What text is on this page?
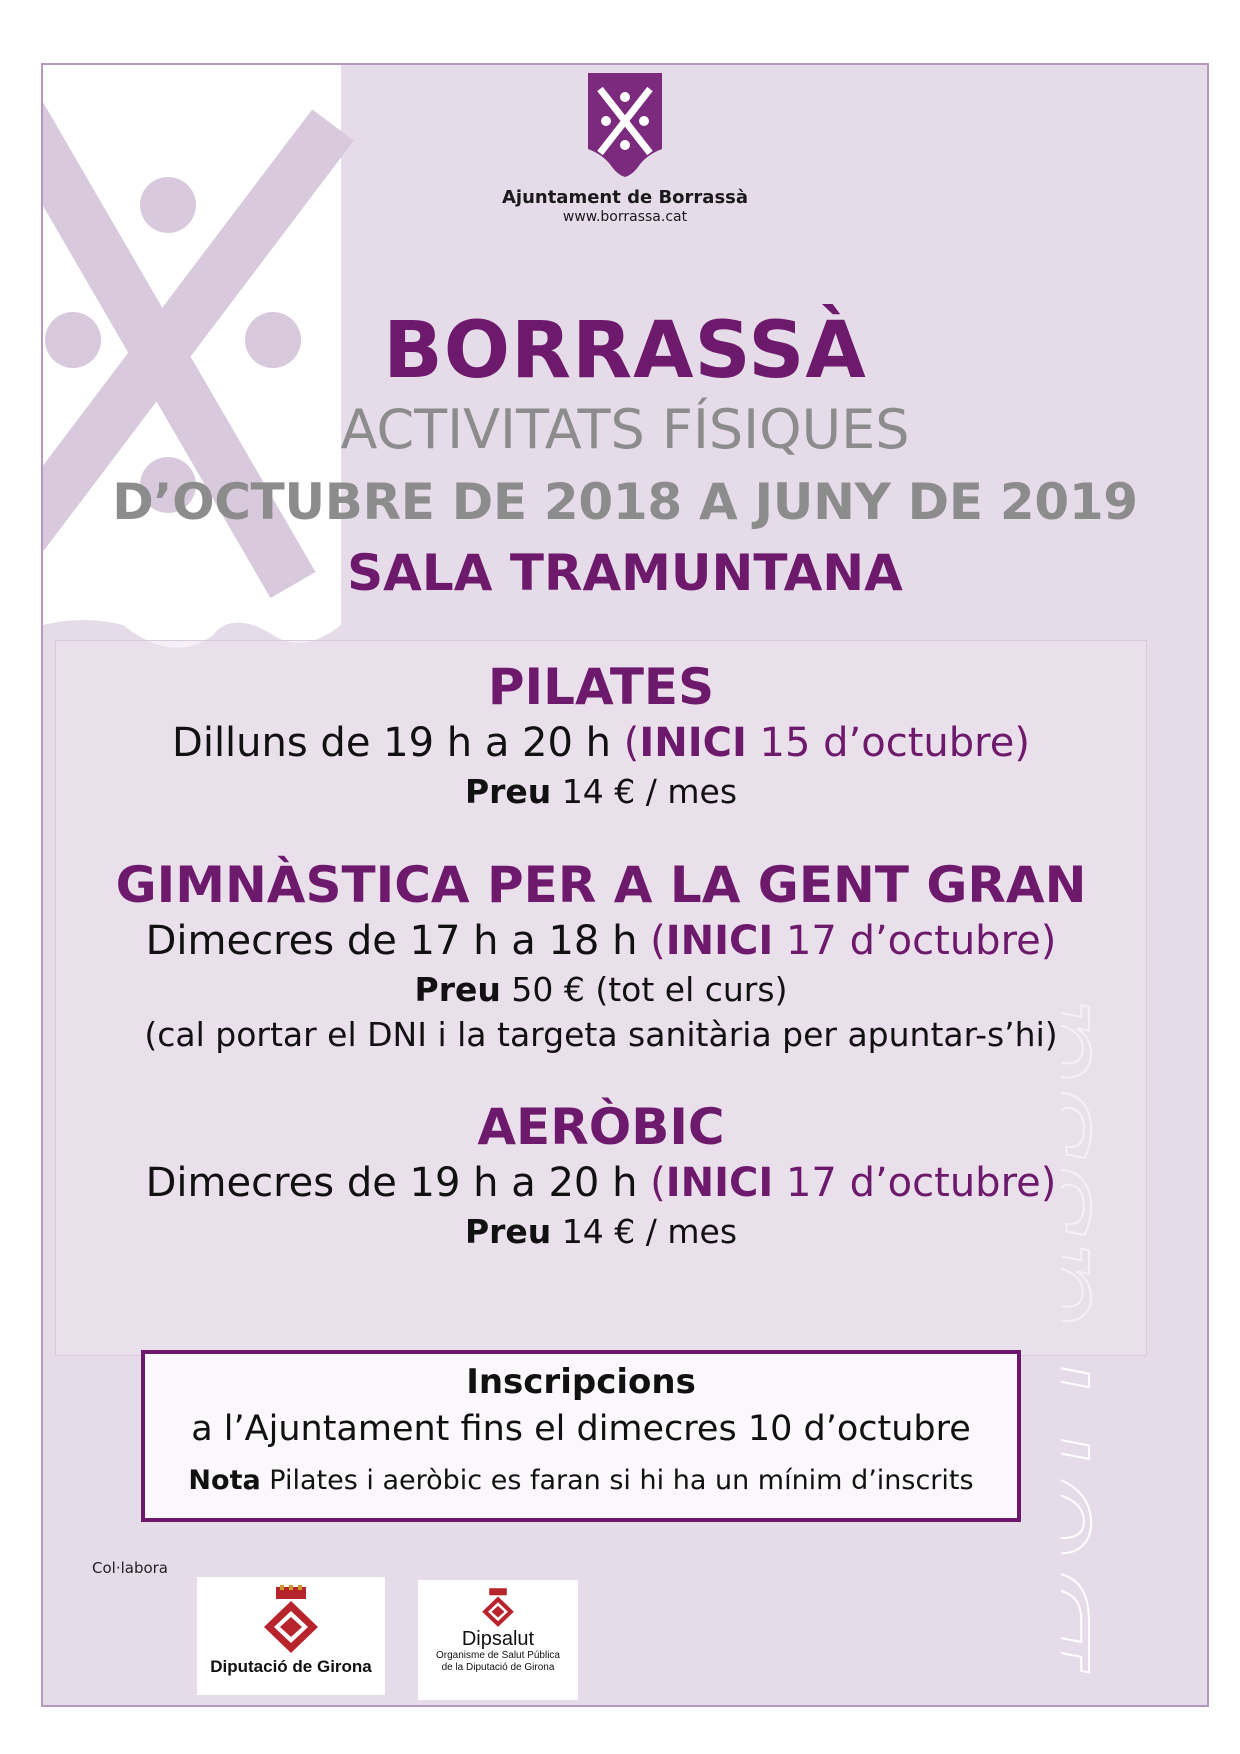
Ajuntament de Borrassà
www.borrassa.cat
BORRASSÀ
ACTIVITATS FÍSIQUES
D’OCTUBRE DE 2018 A JUNY DE 2019
SALA TRAMUNTANA
PILATES
Dilluns de 19 h a 20 h (INICI 15 d’octubre)
Preu 14 € / mes
GIMNÀSTICA PER A LA GENT GRAN
Dimecres de 17 h a 18 h (INICI 17 d’octubre)
Preu 50 € (tot el curs)
(cal portar el DNI i la targeta sanitària per apuntar-s’hi)
AERÒBIC
Dimecres de 19 h a 20 h (INICI 17 d’octubre)
Preu 14 € / mes
Inscripcions
a l’Ajuntament fins el dimecres 10 d’octubre
Nota Pilates i aeròbic es faran si hi ha un mínim d’inscrits
Col·labora
Diputació de Girona
Dipsalut
Organisme de Salut Pública
de la Diputació de Girona
